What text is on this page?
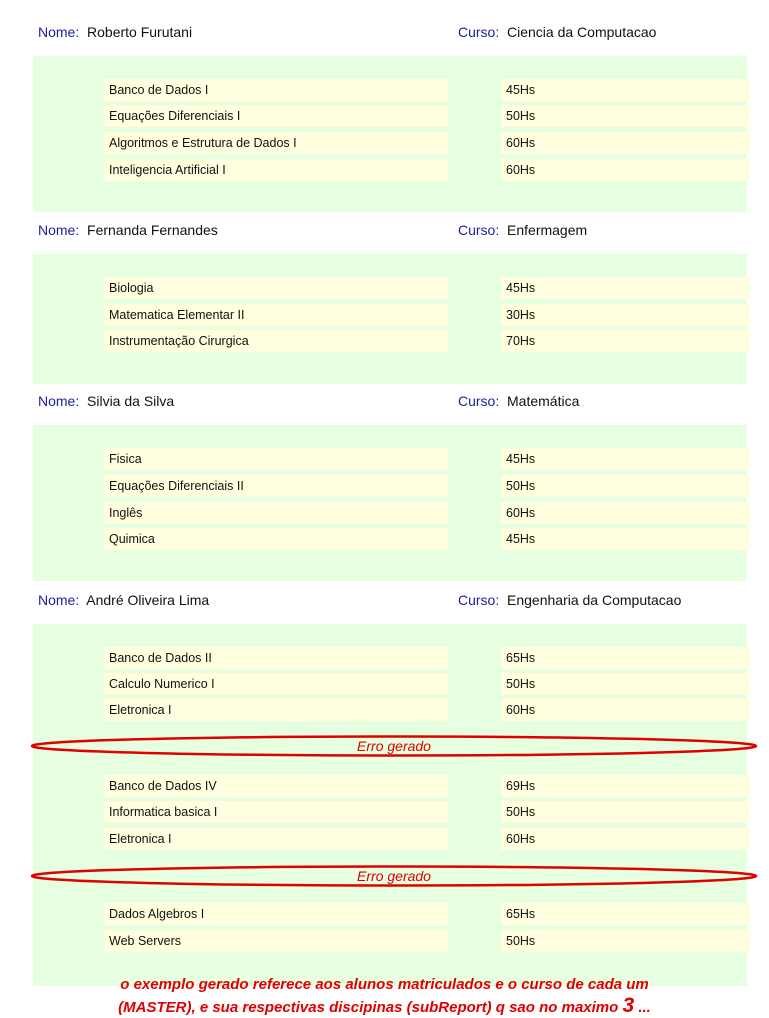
Nome: Roberto Furutani	Curso: Ciencia da Computacao
Banco de Dados I	45Hs
Equações Diferenciais I	50Hs
Algoritmos e Estrutura de Dados I	60Hs
Inteligencia Artificial I	60Hs
Nome: Fernanda Fernandes	Curso: Enfermagem
Biologia	45Hs
Matematica Elementar II	30Hs
Instrumentação Cirurgica	70Hs
Nome: Silvia da Silva	Curso: Matemática
Fisica	45Hs
Equações Diferenciais II	50Hs
Inglês	60Hs
Quimica	45Hs
Nome: André Oliveira Lima	Curso: Engenharia da Computacao
Banco de Dados II	65Hs
Calculo Numerico I	50Hs
Eletronica I	60Hs
Erro gerado
Banco de Dados IV	69Hs
Informatica basica I	50Hs
Eletronica I	60Hs
Erro gerado
Dados Algebros I	65Hs
Web Servers	50Hs
o exemplo gerado referece aos alunos matriculados e o curso de cada um
(MASTER), e sua respectivas discipinas (subReport) q sao no maximo 3 ...
